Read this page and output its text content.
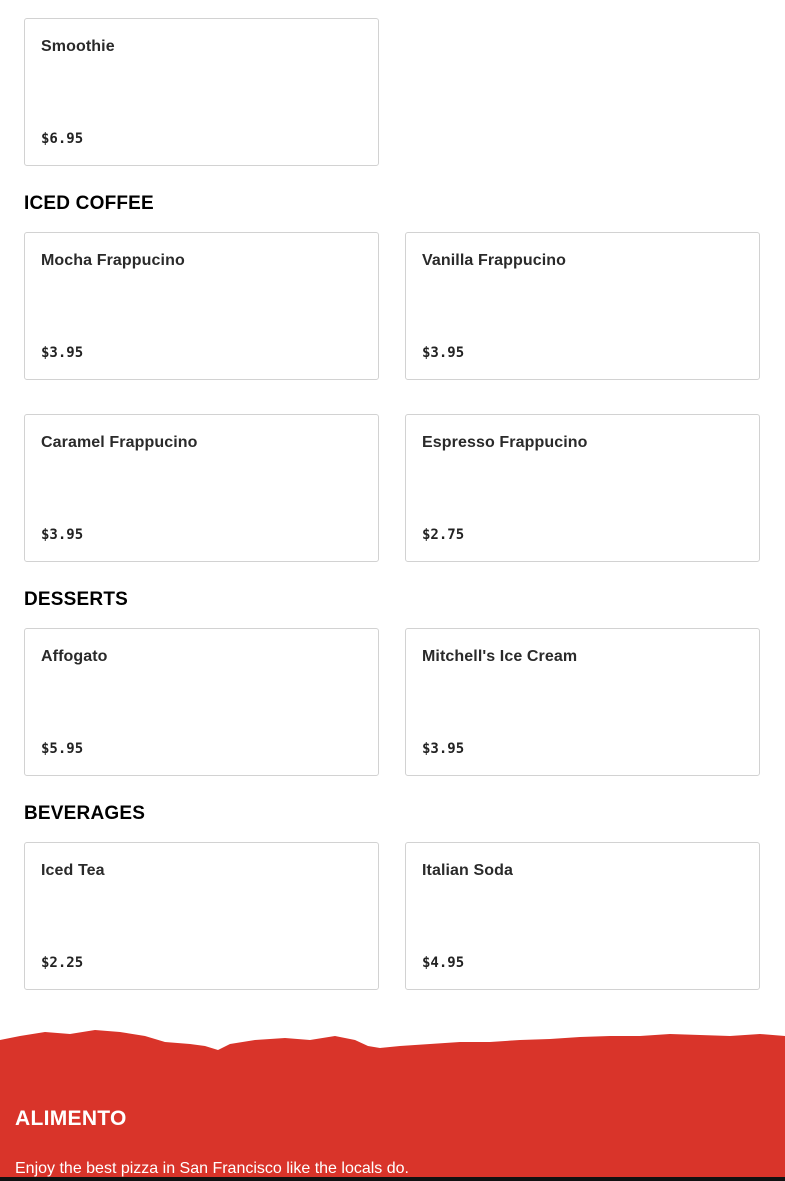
Smoothie
$6.95
ICED COFFEE
Mocha Frappucino
$3.95
Vanilla Frappucino
$3.95
Caramel Frappucino
$3.95
Espresso Frappucino
$2.75
DESSERTS
Affogato
$5.95
Mitchell's Ice Cream
$3.95
BEVERAGES
Iced Tea
$2.25
Italian Soda
$4.95
ALIMENTO

Enjoy the best pizza in San Francisco like the locals do.
